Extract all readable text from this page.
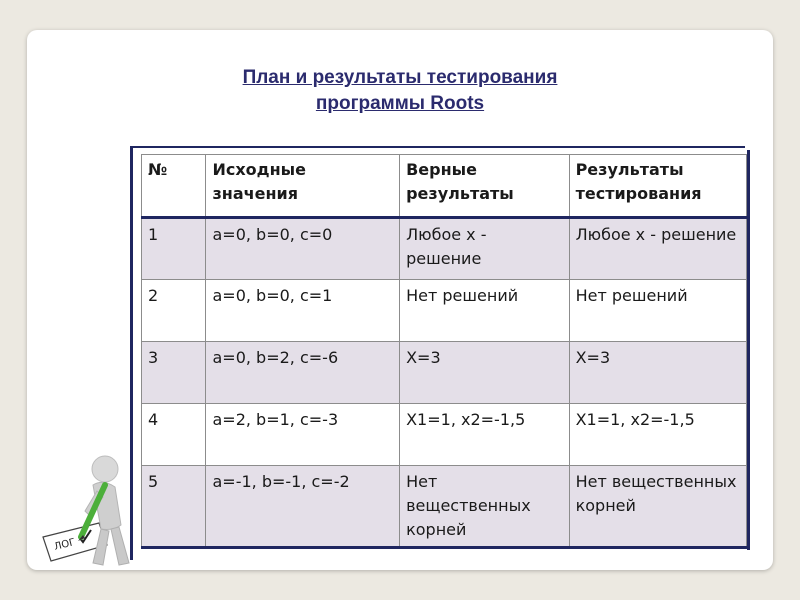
План и результаты тестирования
программы Roots
№	Исходные значения	Верные результаты	Результаты тестирования
1	a=0, b=0, c=0	Любое x - решение	Любое x - решение
2	a=0, b=0, c=1	Нет решений	Нет решений
3	a=0, b=2, c=-6	X=3	X=3
4	a=2, b=1, c=-3	X1=1, x2=-1,5	X1=1, x2=-1,5
5	a=-1, b=-1, c=-2	Нет вещественных корней	Нет вещественных корней
ЛОГ
